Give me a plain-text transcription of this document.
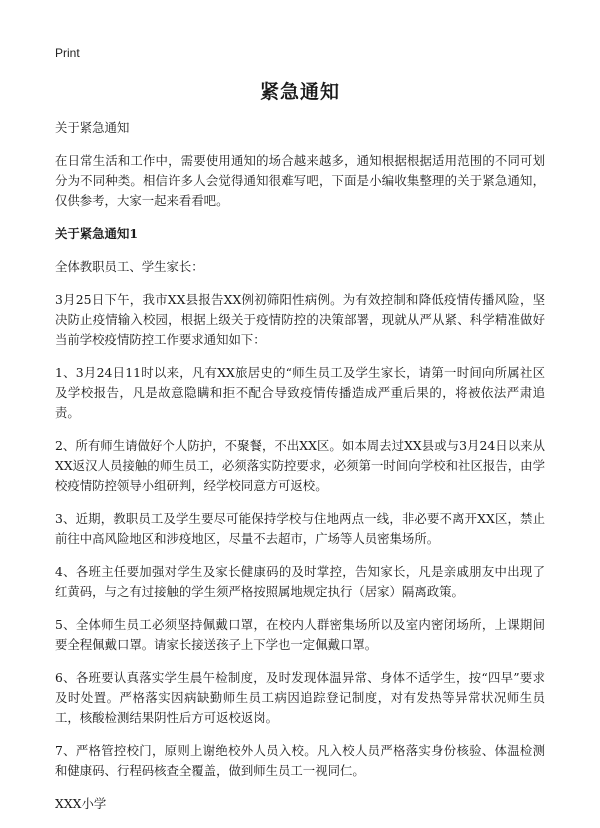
Print
紧急通知

关于紧急通知

在日常生活和工作中，需要使用通知的场合越来越多，通知根据根据适用范围的不同可划分为不同种类。相信许多人会觉得通知很难写吧，下面是小编收集整理的关于紧急通知，仅供参考，大家一起来看看吧。

关于紧急通知1

全体教职员工、学生家长：

3月25日下午，我市XX县报告XX例初筛阳性病例。为有效控制和降低疫情传播风险，坚决防止疫情输入校园，根据上级关于疫情防控的决策部署，现就从严从紧、科学精准做好当前学校疫情防控工作要求通知如下：

1、3月24日11时以来，凡有XX旅居史的“师生员工及学生家长，请第一时间向所属社区及学校报告，凡是故意隐瞒和拒不配合导致疫情传播造成严重后果的，将被依法严肃追责。

2、所有师生请做好个人防护，不聚餐，不出XX区。如本周去过XX县或与3月24日以来从XX返汉人员接触的师生员工，必须落实防控要求，必须第一时间向学校和社区报告，由学校疫情防控领导小组研判，经学校同意方可返校。

3、近期，教职员工及学生要尽可能保持学校与住地两点一线，非必要不离开XX区，禁止前往中高风险地区和涉疫地区，尽量不去超市，广场等人员密集场所。

4、各班主任要加强对学生及家长健康码的及时掌控，告知家长，凡是亲戚朋友中出现了红黄码，与之有过接触的学生须严格按照属地规定执行（居家）隔离政策。

5、全体师生员工必须坚持佩戴口罩，在校内人群密集场所以及室内密闭场所，上课期间要全程佩戴口罩。请家长接送孩子上下学也一定佩戴口罩。

6、各班要认真落实学生晨午检制度，及时发现体温异常、身体不适学生，按“四早”要求及时处置。严格落实因病缺勤师生员工病因追踪登记制度，对有发热等异常状况师生员工，核酸检测结果阴性后方可返校返岗。

7、严格管控校门，原则上谢绝校外人员入校。凡入校人员严格落实身份核验、体温检测和健康码、行程码核查全覆盖，做到师生员工一视同仁。

XXX小学
